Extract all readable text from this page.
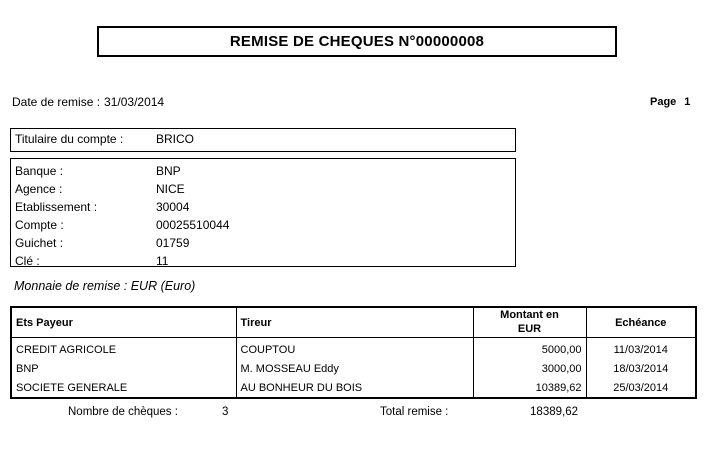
REMISE DE CHEQUES N°00000008
Date de remise : 31/03/2014	Page 1
Titulaire du compte :	BRICO
Banque :	BNP
Agence :	NICE
Etablissement :	30004
Compte :	00025510044
Guichet :	01759
Clé :	11
Monnaie de remise : EUR (Euro)
Ets Payeur	Tireur	Montant en EUR	Echéance
CREDIT AGRICOLE	COUPTOU	5000,00	11/03/2014
BNP	M. MOSSEAU Eddy	3000,00	18/03/2014
SOCIETE GENERALE	AU BONHEUR DU BOIS	10389,62	25/03/2014
Nombre de chèques :	3	Total remise :	18389,62
